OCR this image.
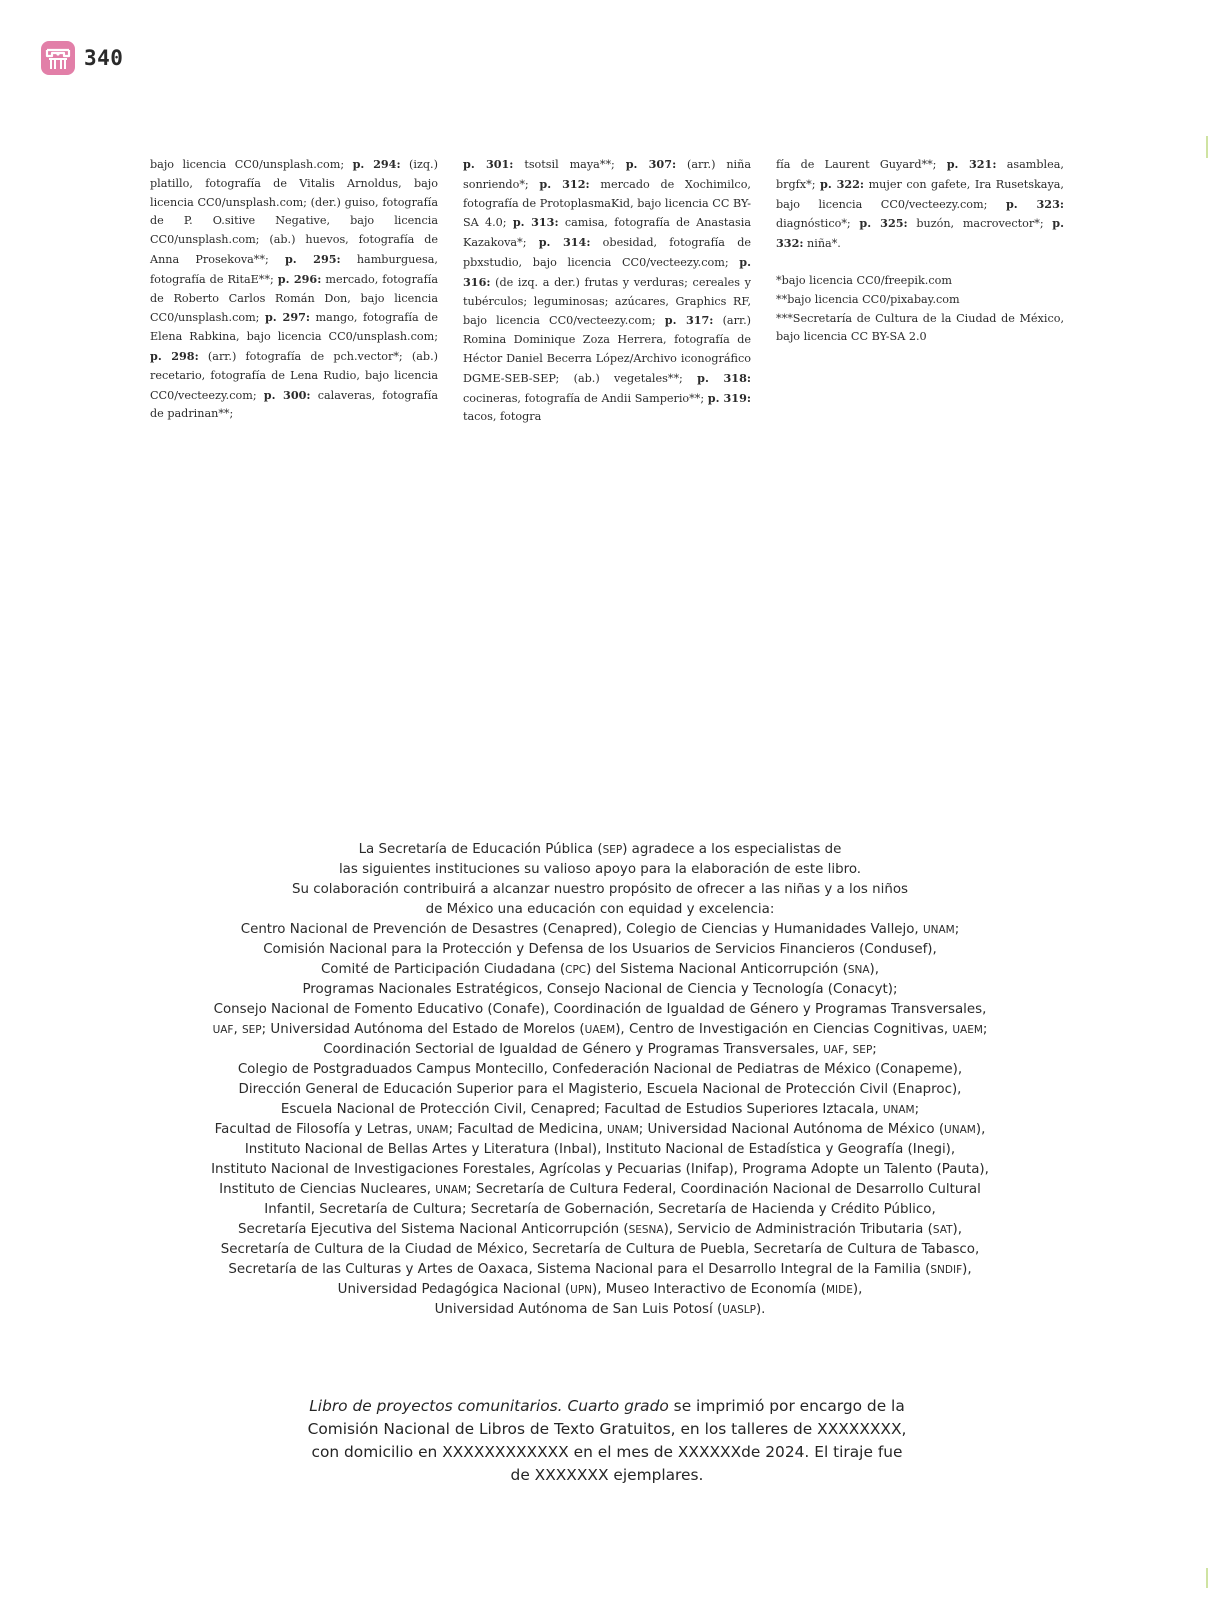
340
bajo licencia CC0/unsplash.com; p. 294: (izq.) platillo, fotografía de Vitalis Arnoldus, bajo licencia CC0/unsplash.com; (der.) guiso, fotografía de P. O.sitive Negative, bajo licencia CC0/unsplash.com; (ab.) huevos, fotografía de Anna Prosekova**; p. 295: hamburguesa, fotografía de RitaE**; p. 296: mercado, fotografía de Roberto Carlos Román Don, bajo licencia CC0/unsplash.com; p. 297: mango, fotografía de Elena Rabkina, bajo licencia CC0/unsplash.com; p. 298: (arr.) fotografía de pch.vector*; (ab.) recetario, fotografía de Lena Rudio, bajo licencia CC0/vecteezy.com; p. 300: calaveras, fotografía de padrinan**;
p. 301: tsotsil maya**; p. 307: (arr.) niña sonriendo*; p. 312: mercado de Xochimilco, fotografía de ProtoplasmaKid, bajo licencia CC BY-SA 4.0; p. 313: camisa, fotografía de Anastasia Kazakova*; p. 314: obesidad, fotografía de pbxstudio, bajo licencia CC0/vecteezy.com; p. 316: (de izq. a der.) frutas y verduras; cereales y tubérculos; leguminosas; azúcares, Graphics RF, bajo licencia CC0/vecteezy.com; p. 317: (arr.) Romina Dominique Zoza Herrera, fotografía de Héctor Daniel Becerra López/Archivo iconográfico DGME-SEB-SEP; (ab.) vegetales**; p. 318: cocineras, fotografía de Andii Samperio**; p. 319: tacos, fotogra
fía de Laurent Guyard**; p. 321: asamblea, brgfx*; p. 322: mujer con gafete, Ira Rusetskaya, bajo licencia CC0/vecteezy.com; p. 323: diagnóstico*; p. 325: buzón, macrovector*; p. 332: niña*.
*bajo licencia CC0/freepik.com
**bajo licencia CC0/pixabay.com
***Secretaría de Cultura de la Ciudad de México, bajo licencia CC BY-SA 2.0
La Secretaría de Educación Pública (SEP) agradece a los especialistas de
las siguientes instituciones su valioso apoyo para la elaboración de este libro.
Su colaboración contribuirá a alcanzar nuestro propósito de ofrecer a las niñas y a los niños
de México una educación con equidad y excelencia:
Centro Nacional de Prevención de Desastres (Cenapred), Colegio de Ciencias y Humanidades Vallejo, UNAM;
Comisión Nacional para la Protección y Defensa de los Usuarios de Servicios Financieros (Condusef),
Comité de Participación Ciudadana (CPC) del Sistema Nacional Anticorrupción (SNA),
Programas Nacionales Estratégicos, Consejo Nacional de Ciencia y Tecnología (Conacyt);
Consejo Nacional de Fomento Educativo (Conafe), Coordinación de Igualdad de Género y Programas Transversales,
UAF, SEP; Universidad Autónoma del Estado de Morelos (UAEM), Centro de Investigación en Ciencias Cognitivas, UAEM;
Coordinación Sectorial de Igualdad de Género y Programas Transversales, UAF, SEP;
Colegio de Postgraduados Campus Montecillo, Confederación Nacional de Pediatras de México (Conapeme),
Dirección General de Educación Superior para el Magisterio, Escuela Nacional de Protección Civil (Enaproc),
Escuela Nacional de Protección Civil, Cenapred; Facultad de Estudios Superiores Iztacala, UNAM;
Facultad de Filosofía y Letras, UNAM; Facultad de Medicina, UNAM; Universidad Nacional Autónoma de México (UNAM),
Instituto Nacional de Bellas Artes y Literatura (Inbal), Instituto Nacional de Estadística y Geografía (Inegi),
Instituto Nacional de Investigaciones Forestales, Agrícolas y Pecuarias (Inifap), Programa Adopte un Talento (Pauta),
Instituto de Ciencias Nucleares, UNAM; Secretaría de Cultura Federal, Coordinación Nacional de Desarrollo Cultural
Infantil, Secretaría de Cultura; Secretaría de Gobernación, Secretaría de Hacienda y Crédito Público,
Secretaría Ejecutiva del Sistema Nacional Anticorrupción (SESNA), Servicio de Administración Tributaria (SAT),
Secretaría de Cultura de la Ciudad de México, Secretaría de Cultura de Puebla, Secretaría de Cultura de Tabasco,
Secretaría de las Culturas y Artes de Oaxaca, Sistema Nacional para el Desarrollo Integral de la Familia (SNDIF),
Universidad Pedagógica Nacional (UPN), Museo Interactivo de Economía (MIDE),
Universidad Autónoma de San Luis Potosí (UASLP).
Libro de proyectos comunitarios. Cuarto grado se imprimió por encargo de la
Comisión Nacional de Libros de Texto Gratuitos, en los talleres de XXXXXXXX,
con domicilio en XXXXXXXXXXXX en el mes de XXXXXXde 2024. El tiraje fue
de XXXXXXX ejemplares.
